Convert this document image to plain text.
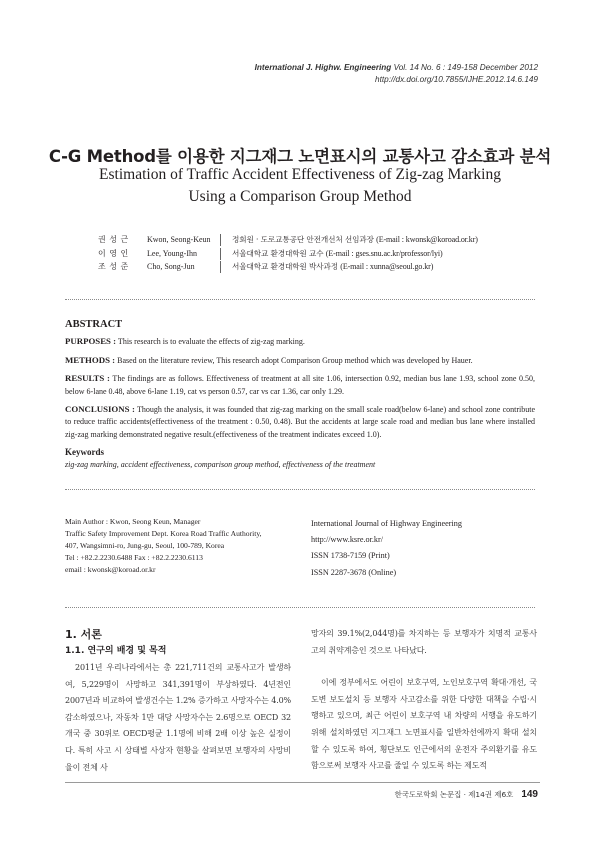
International J. Highw. Engineering Vol. 14 No. 6 : 149-158 December 2012
http://dx.doi.org/10.7855/IJHE.2012.14.6.149
C-G Method를 이용한 지그재그 노면표시의 교통사고 감소효과 분석
Estimation of Traffic Accident Effectiveness of Zig-zag Marking
Using a Comparison Group Method
권 성 근	Kwon, Seong-Keun	정회원 · 도로교통공단 안전개선처 선임과장 (E-mail : kwonsk@koroad.or.kr)
이 영 인	Lee, Young-Ihn	서울대학교 환경대학원 교수 (E-mail : gses.snu.ac.kr/professor/lyi)
조 성 준	Cho, Song-Jun	서울대학교 환경대학원 박사과정 (E-mail : xunna@seoul.go.kr)
ABSTRACT

PURPOSES : This research is to evaluate the effects of zig-zag marking.

METHODS : Based on the literature review, This research adopt Comparison Group method which was developed by Hauer.

RESULTS : The findings are as follows. Effectiveness of treatment at all site 1.06, intersection 0.92, median bus lane 1.93, school zone 0.50, below 6-lane 0.48, above 6-lane 1.19, cat vs person 0.57, car vs car 1.36, car only 1.29.

CONCLUSIONS : Though the analysis, it was founded that zig-zag marking on the small scale road(below 6-lane) and school zone contribute to reduce traffic accidents(effectiveness of the treatment : 0.50, 0.48). But the accidents at large scale road and median bus lane where installed zig-zag marking demonstrated negative result.(effectiveness of the treatment indicates exceed 1.0).

Keywords

zig-zag marking, accident effectiveness, comparison group method, effectiveness of the treatment

Main Author : Kwon, Seong Keun, Manager
Traffic Safety Improvement Dept. Korea Road Traffic Authority,
407, Wangsimni-ro, Jung-gu, Seoul, 100-789, Korea
Tel : +82.2.2230.6488 Fax : +82.2.2230.6113
email : kwonsk@koroad.or.kr
International Journal of Highway Engineering
http://www.ksre.or.kr/
ISSN 1738-7159 (Print)
ISSN 2287-3678 (Online)
1. 서론
1.1. 연구의 배경 및 목적

2011년 우리나라에서는 총 221,711건의 교통사고가 발생하여, 5,229명이 사망하고 341,391명이 부상하였다. 4년전인 2007년과 비교하여 발생건수는 1.2% 증가하고 사망자수는 4.0% 감소하였으나, 자동차 1만 대당 사망자수는 2.6명으로 OECD 32개국 중 30위로 OECD평균 1.1명에 비해 2배 이상 높은 실정이다. 특히 사고 시 상태별 사상자 현황을 살펴보면 보행자의 사망비율이 전체 사

망자의 39.1%(2,044명)를 차지하는 등 보행자가 치명적 교통사고의 취약계층인 것으로 나타났다.

이에 정부에서도 어린이 보호구역, 노인보호구역 확대·개선, 국도변 보도설치 등 보행자 사고감소를 위한 다양한 대책을 수립·시행하고 있으며, 최근 어린이 보호구역 내 차량의 서행을 유도하기 위해 설치하였던 지그재그 노면표시를 일반차선에까지 확대 설치할 수 있도록 하여, 횡단보도 인근에서의 운전자 주의환기를 유도함으로써 보행자 사고를 줄일 수 있도록 하는 제도적

한국도로학회 논문집 · 제14권 제6호 149
